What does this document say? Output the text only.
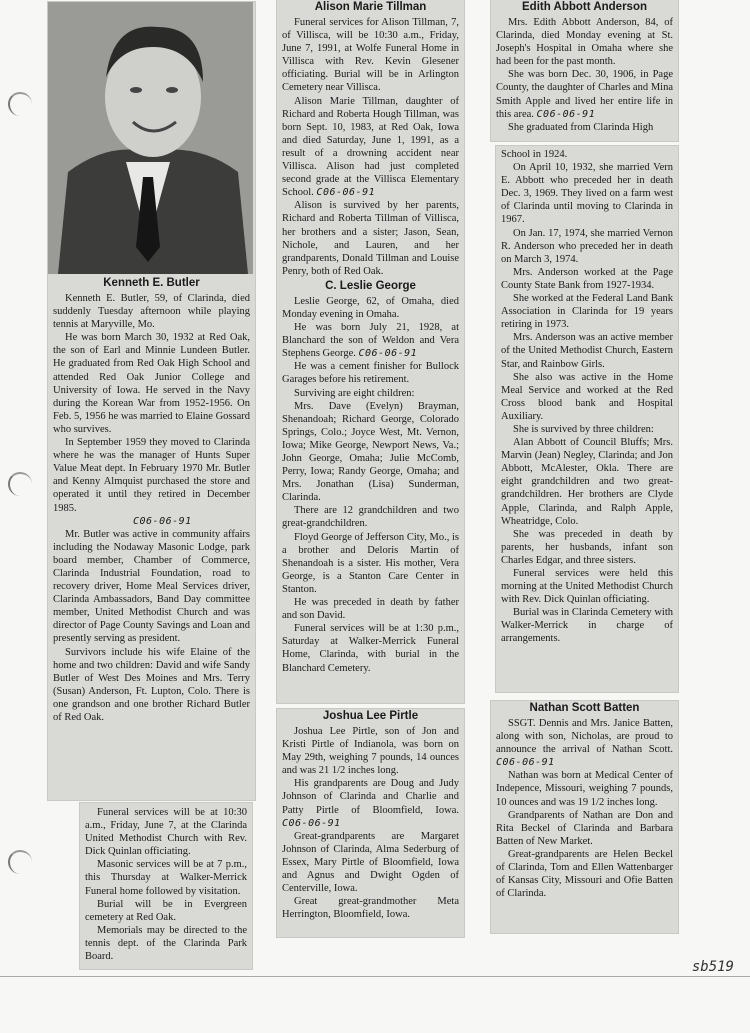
Kenneth E. Butler

Kenneth E. Butler, 59, of Clarinda, died suddenly Tuesday afternoon while playing tennis at Maryville, Mo.

He was born March 30, 1932 at Red Oak, the son of Earl and Minnie Lundeen Butler. He graduated from Red Oak High School and attended Red Oak Junior College and University of Iowa. He served in the Navy during the Korean War from 1952-1956. On Feb. 5, 1956 he was married to Elaine Gossard who survives.

In September 1959 they moved to Clarinda where he was the manager of Hunts Super Value Meat dept. In February 1970 Mr. Butler and Kenny Almquist purchased the store and operated it until they retired in December 1985.

C06-06-91

Mr. Butler was active in community affairs including the Nodaway Masonic Lodge, park board member, Chamber of Commerce, Clarinda Industrial Foundation, road to recovery driver, Home Meal Services driver, Clarinda Ambassadors, Band Day committee member, United Methodist Church and was director of Page County Savings and Loan and presently serving as president.

Survivors include his wife Elaine of the home and two children: David and wife Sandy Butler of West Des Moines and Mrs. Terry (Susan) Anderson, Ft. Lupton, Colo. There is one grandson and one brother Richard Butler of Red Oak.

Funeral services will be at 10:30 a.m., Friday, June 7, at the Clarinda United Methodist Church with Rev. Dick Quinlan officiating.

Masonic services will be at 7 p.m., this Thursday at Walker-Merrick Funeral home followed by visitation.

Burial will be in Evergreen cemetery at Red Oak.

Memorials may be directed to the tennis dept. of the Clarinda Park Board.

Alison Marie Tillman

Funeral services for Alison Tillman, 7, of Villisca, will be 10:30 a.m., Friday, June 7, 1991, at Wolfe Funeral Home in Villisca with Rev. Kevin Glesener officiating. Burial will be in Arlington Cemetery near Villisca.

Alison Marie Tillman, daughter of Richard and Roberta Hough Tillman, was born Sept. 10, 1983, at Red Oak, Iowa and died Saturday, June 1, 1991, as a result of a drowning accident near Villisca. Alison had just completed second grade at the Villisca Elementary School. C06-06-91

Alison is survived by her parents, Richard and Roberta Tillman of Villisca, her brothers and a sister; Jason, Sean, Nichole, and Lauren, and her grandparents, Donald Tillman and Louise Penry, both of Red Oak.

C. Leslie George

Leslie George, 62, of Omaha, died Monday evening in Omaha.

He was born July 21, 1928, at Blanchard the son of Weldon and Vera Stephens George. C06-06-91

He was a cement finisher for Bullock Garages before his retirement.

Surviving are eight children:

Mrs. Dave (Evelyn) Brayman, Shenandoah; Richard George, Colorado Springs, Colo.; Joyce West, Mt. Vernon, Iowa; Mike George, Newport News, Va.; John George, Omaha; Julie McComb, Perry, Iowa; Randy George, Omaha; and Mrs. Jonathan (Lisa) Sunderman, Clarinda.

There are 12 grandchildren and two great-grandchildren.

Floyd George of Jefferson City, Mo., is a brother and Deloris Martin of Shenandoah is a sister. His mother, Vera George, is a Stanton Care Center in Stanton.

He was preceded in death by father and son David.

Funeral services will be at 1:30 p.m., Saturday at Walker-Merrick Funeral Home, Clarinda, with burial in the Blanchard Cemetery.

Joshua Lee Pirtle

Joshua Lee Pirtle, son of Jon and Kristi Pirtle of Indianola, was born on May 29th, weighing 7 pounds, 14 ounces and was 21 1/2 inches long.

His grandparents are Doug and Judy Johnson of Clarinda and Charlie and Patty Pirtle of Bloomfield, Iowa. C06-06-91

Great-grandparents are Margaret Johnson of Clarinda, Alma Sederburg of Essex, Mary Pirtle of Bloomfield, Iowa and Agnus and Dwight Ogden of Centerville, Iowa.

Great great-grandmother Meta Herrington, Bloomfield, Iowa.

Edith Abbott Anderson

Mrs. Edith Abbott Anderson, 84, of Clarinda, died Monday evening at St. Joseph's Hospital in Omaha where she had been for the past month.

She was born Dec. 30, 1906, in Page County, the daughter of Charles and Mina Smith Apple and lived her entire life in this area. C06-06-91

She graduated from Clarinda High

School in 1924.

On April 10, 1932, she married Vern E. Abbott who preceded her in death Dec. 3, 1969. They lived on a farm west of Clarinda until moving to Clarinda in 1967.

On Jan. 17, 1974, she married Vernon R. Anderson who preceded her in death on March 3, 1974.

Mrs. Anderson worked at the Page County State Bank from 1927-1934.

She worked at the Federal Land Bank Association in Clarinda for 19 years retiring in 1973.

Mrs. Anderson was an active member of the United Methodist Church, Eastern Star, and Rainbow Girls.

She also was active in the Home Meal Service and worked at the Red Cross blood bank and Hospital Auxiliary.

She is survived by three children:

Alan Abbott of Council Bluffs; Mrs. Marvin (Jean) Negley, Clarinda; and Jon Abbott, McAlester, Okla. There are eight grandchildren and two great-grandchildren. Her brothers are Clyde Apple, Clarinda, and Ralph Apple, Wheatridge, Colo.

She was preceded in death by parents, her husbands, infant son Charles Edgar, and three sisters.

Funeral services were held this morning at the United Methodist Church with Rev. Dick Quinlan officiating.

Burial was in Clarinda Cemetery with Walker-Merrick in charge of arrangements.

Nathan Scott Batten

SSGT. Dennis and Mrs. Janice Batten, along with son, Nicholas, are proud to announce the arrival of Nathan Scott. C06-06-91

Nathan was born at Medical Center of Indepence, Missouri, weighing 7 pounds, 10 ounces and was 19 1/2 inches long.

Grandparents of Nathan are Don and Rita Beckel of Clarinda and Barbara Batten of New Market.

Great-grandparents are Helen Beckel of Clarinda, Tom and Ellen Wattenbarger of Kansas City, Missouri and Ofie Batten of Clarinda.

sb519
